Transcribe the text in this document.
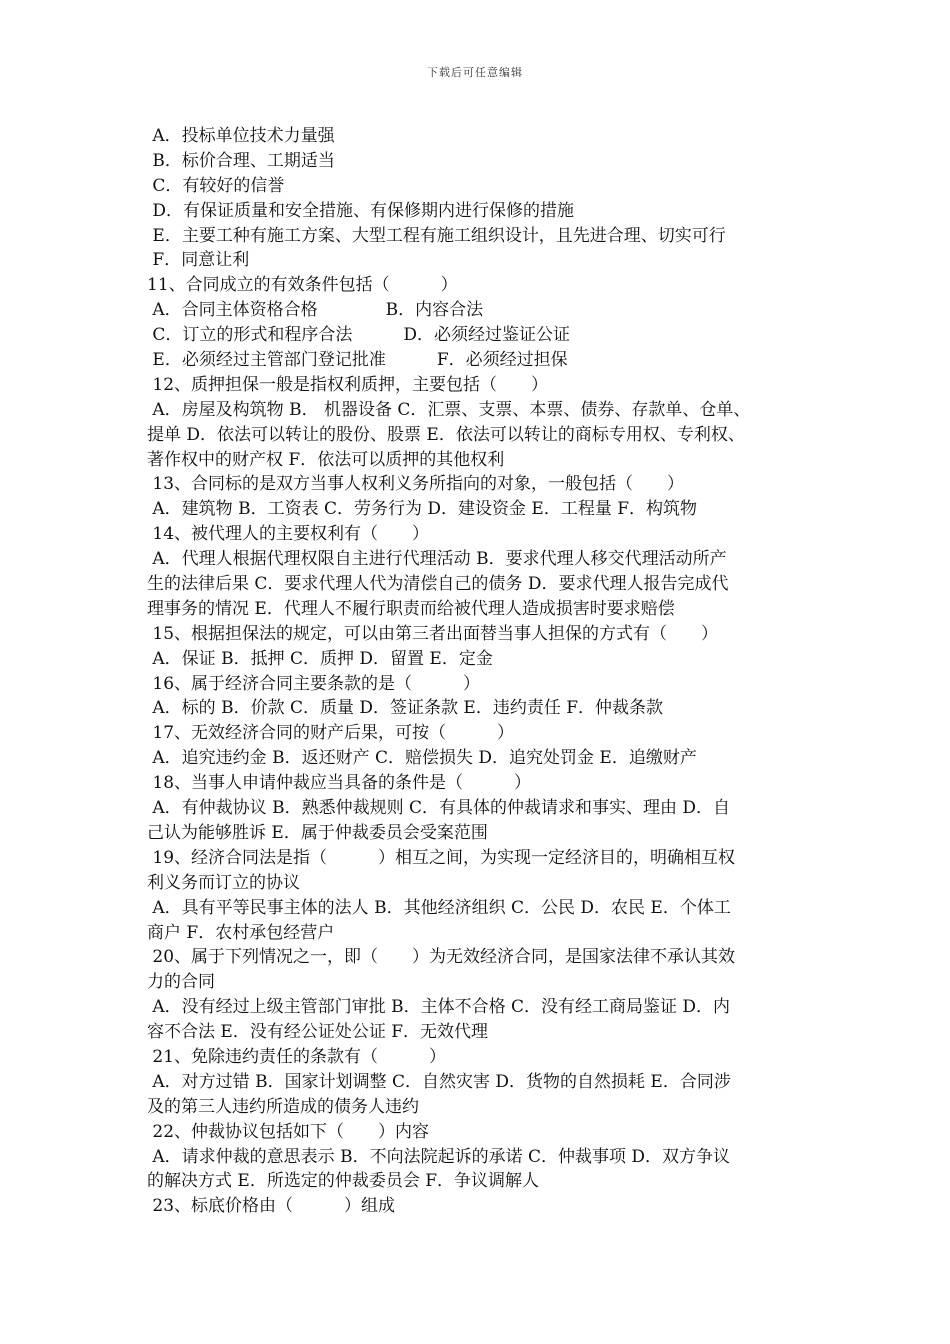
下载后可任意编辑
A．投标单位技术力量强
B．标价合理、工期适当
C．有较好的信誉
D．有保证质量和安全措施、有保修期内进行保修的措施
E．主要工种有施工方案、大型工程有施工组织设计，且先进合理、切实可行
F．同意让利
11、合同成立的有效条件包括（　　　）
A．合同主体资格合格　　　　B．内容合法
C．订立的形式和程序合法　　　D．必须经过鉴证公证
E．必须经过主管部门登记批准　　　F．必须经过担保
12、质押担保一般是指权利质押，主要包括（　　）
A．房屋及构筑物 B． 机器设备 C．汇票、支票、本票、债券、存款单、仓单、
提单 D．依法可以转让的股份、股票 E．依法可以转让的商标专用权、专利权、
著作权中的财产权 F．依法可以质押的其他权利
13、合同标的是双方当事人权利义务所指向的对象，一般包括（　　）
A．建筑物 B．工资表 C．劳务行为 D．建设资金 E．工程量 F．构筑物
14、被代理人的主要权利有（　　）
A．代理人根据代理权限自主进行代理活动 B．要求代理人移交代理活动所产
生的法律后果 C．要求代理人代为清偿自己的债务 D．要求代理人报告完成代
理事务的情况 E．代理人不履行职责而给被代理人造成损害时要求赔偿
15、根据担保法的规定，可以由第三者出面替当事人担保的方式有（　　）
A．保证 B．抵押 C．质押 D．留置 E．定金
16、属于经济合同主要条款的是（　　　）
A．标的 B．价款 C．质量 D．签证条款 E．违约责任 F．仲裁条款
17、无效经济合同的财产后果，可按（　　　）
A．追究违约金 B．返还财产 C．赔偿损失 D．追究处罚金 E．追缴财产
18、当事人申请仲裁应当具备的条件是（　　　）
A．有仲裁协议 B．熟悉仲裁规则 C．有具体的仲裁请求和事实、理由 D．自
己认为能够胜诉 E．属于仲裁委员会受案范围
19、经济合同法是指（　　　）相互之间，为实现一定经济目的，明确相互权
利义务而订立的协议
A．具有平等民事主体的法人 B．其他经济组织 C．公民 D．农民 E．个体工
商户 F．农村承包经营户
20、属于下列情况之一，即（　　）为无效经济合同，是国家法律不承认其效
力的合同
A．没有经过上级主管部门审批 B．主体不合格 C．没有经工商局鉴证 D．内
容不合法 E．没有经公证处公证 F．无效代理
21、免除违约责任的条款有（　　　）
A．对方过错 B．国家计划调整 C．自然灾害 D．货物的自然损耗 E．合同涉
及的第三人违约所造成的债务人违约
22、仲裁协议包括如下（　　）内容
A．请求仲裁的意思表示 B．不向法院起诉的承诺 C．仲裁事项 D．双方争议
的解决方式 E．所选定的仲裁委员会 F．争议调解人
23、标底价格由（　　　）组成
